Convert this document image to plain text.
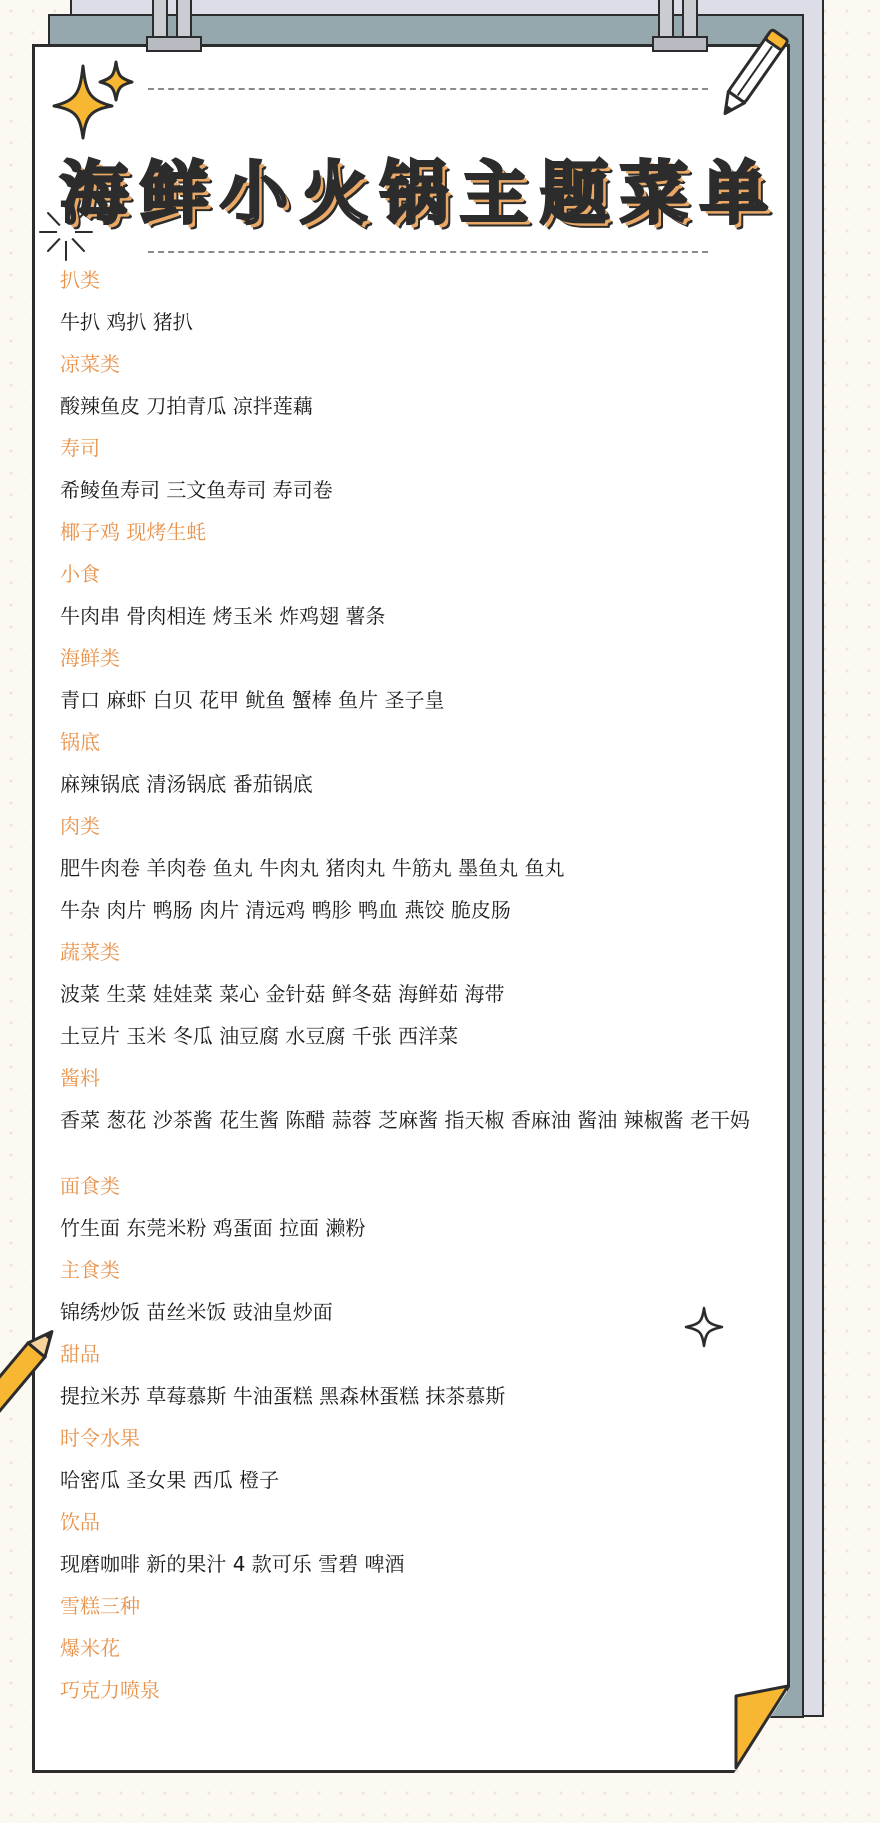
海鲜小火锅主题菜单

扒类

牛扒 鸡扒 猪扒

凉菜类

酸辣鱼皮 刀拍青瓜 凉拌莲藕

寿司

希鲮鱼寿司 三文鱼寿司 寿司卷

椰子鸡 现烤生蚝

小食

牛肉串 骨肉相连 烤玉米 炸鸡翅 薯条

海鲜类

青口 麻虾 白贝 花甲 鱿鱼 蟹棒 鱼片 圣子皇

锅底

麻辣锅底 清汤锅底 番茄锅底

肉类

肥牛肉卷 羊肉卷 鱼丸 牛肉丸 猪肉丸 牛筋丸 墨鱼丸 鱼丸

牛杂 肉片 鸭肠 肉片 清远鸡 鸭胗 鸭血 燕饺 脆皮肠

蔬菜类

波菜 生菜 娃娃菜 菜心 金针菇 鲜冬菇 海鲜茹 海带

土豆片 玉米 冬瓜 油豆腐 水豆腐 千张 西洋菜

酱料

香菜 葱花 沙茶酱 花生酱 陈醋 蒜蓉 芝麻酱 指天椒 香麻油 酱油 辣椒酱 老干妈

面食类

竹生面 东莞米粉 鸡蛋面 拉面 濑粉

主食类

锦绣炒饭 苗丝米饭 豉油皇炒面

甜品

提拉米苏 草莓慕斯 牛油蛋糕 黑森林蛋糕 抹茶慕斯

时令水果

哈密瓜 圣女果 西瓜 橙子

饮品

现磨咖啡 新的果汁 4 款可乐 雪碧 啤酒

雪糕三种

爆米花

巧克力喷泉
